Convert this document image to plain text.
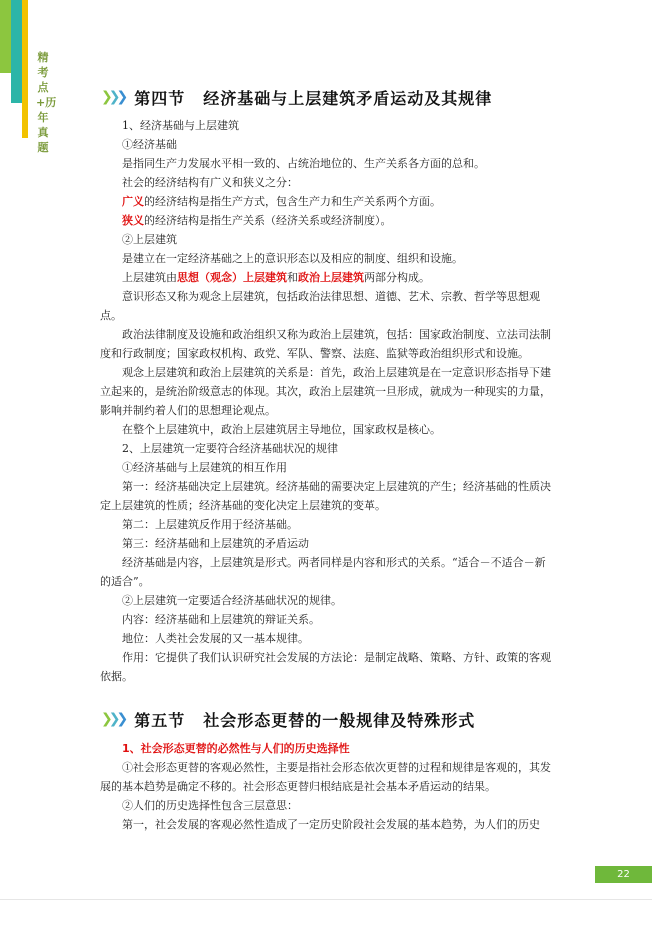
精考点+历年真题
❯❯❯ 第四节 经济基础与上层建筑矛盾运动及其规律

1、经济基础与上层建筑

①经济基础

是指同生产力发展水平相一致的、占统治地位的、生产关系各方面的总和。

社会的经济结构有广义和狭义之分：

广义的经济结构是指生产方式，包含生产力和生产关系两个方面。

狭义的经济结构是指生产关系（经济关系或经济制度）。

②上层建筑

是建立在一定经济基础之上的意识形态以及相应的制度、组织和设施。

上层建筑由思想（观念）上层建筑和政治上层建筑两部分构成。

意识形态又称为观念上层建筑，包括政治法律思想、道德、艺术、宗教、哲学等思想观点。

政治法律制度及设施和政治组织又称为政治上层建筑，包括：国家政治制度、立法司法制度和行政制度；国家政权机构、政党、军队、警察、法庭、监狱等政治组织形式和设施。

观念上层建筑和政治上层建筑的关系是：首先，政治上层建筑是在一定意识形态指导下建立起来的，是统治阶级意志的体现。其次，政治上层建筑一旦形成，就成为一种现实的力量，影响并制约着人们的思想理论观点。

在整个上层建筑中，政治上层建筑居主导地位，国家政权是核心。

2、上层建筑一定要符合经济基础状况的规律

①经济基础与上层建筑的相互作用

第一：经济基础决定上层建筑。经济基础的需要决定上层建筑的产生；经济基础的性质决定上层建筑的性质；经济基础的变化决定上层建筑的变革。

第二：上层建筑反作用于经济基础。

第三：经济基础和上层建筑的矛盾运动

经济基础是内容，上层建筑是形式。两者同样是内容和形式的关系。“适合－不适合－新的适合”。

②上层建筑一定要适合经济基础状况的规律。

内容：经济基础和上层建筑的辩证关系。

地位：人类社会发展的又一基本规律。

作用：它提供了我们认识研究社会发展的方法论：是制定战略、策略、方针、政策的客观依据。

❯❯❯ 第五节 社会形态更替的一般规律及特殊形式

1、社会形态更替的必然性与人们的历史选择性

①社会形态更替的客观必然性，主要是指社会形态依次更替的过程和规律是客观的，其发展的基本趋势是确定不移的。社会形态更替归根结底是社会基本矛盾运动的结果。

②人们的历史选择性包含三层意思：

第一，社会发展的客观必然性造成了一定历史阶段社会发展的基本趋势，为人们的历史

22
